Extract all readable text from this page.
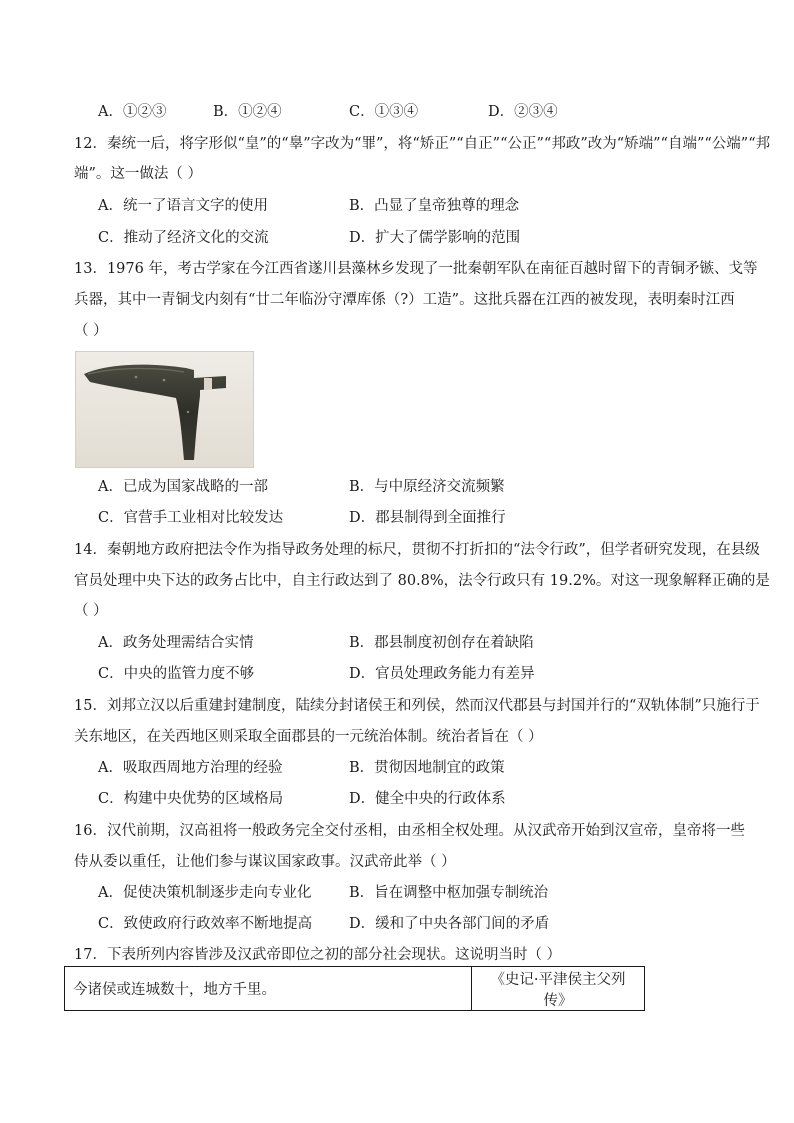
A．①②③	B．①②④	C．①③④	D．②③④
12．秦统一后，将字形似“皇”的“辠”字改为“罪”，将“矫正”“自正”“公正”“邦政”改为“矫端”“自端”“公端”“邦
端”。这一做法（ ）
A．统一了语言文字的使用	B．凸显了皇帝独尊的理念
C．推动了经济文化的交流	D．扩大了儒学影响的范围
13．1976 年，考古学家在今江西省遂川县藻林乡发现了一批秦朝军队在南征百越时留下的青铜矛镞、戈等
兵器，其中一青铜戈内刻有“廿二年临汾守潭库係（?）工造”。这批兵器在江西的被发现，表明秦时江西
（ ）
A．已成为国家战略的一部	B．与中原经济交流频繁
C．官营手工业相对比较发达	D．郡县制得到全面推行
14．秦朝地方政府把法令作为指导政务处理的标尺，贯彻不打折扣的“法令行政”，但学者研究发现，在县级
官员处理中央下达的政务占比中，自主行政达到了 80.8%，法令行政只有 19.2%。对这一现象解释正确的是
（ ）
A．政务处理需结合实情	B．郡县制度初创存在着缺陷
C．中央的监管力度不够	D．官员处理政务能力有差异
15．刘邦立汉以后重建封建制度，陆续分封诸侯王和列侯，然而汉代郡县与封国并行的“双轨体制”只施行于
关东地区，在关西地区则采取全面郡县的一元统治体制。统治者旨在（ ）
A．吸取西周地方治理的经验	B．贯彻因地制宜的政策
C．构建中央优势的区域格局	D．健全中央的行政体系
16．汉代前期，汉高祖将一般政务完全交付丞相，由丞相全权处理。从汉武帝开始到汉宣帝，皇帝将一些
侍从委以重任，让他们参与谋议国家政事。汉武帝此举（ ）
A．促使决策机制逐步走向专业化	B．旨在调整中枢加强专制统治
C．致使政府行政效率不断地提高	D．缓和了中央各部门间的矛盾
17．下表所列内容皆涉及汉武帝即位之初的部分社会现状。这说明当时（ ）
今诸侯或连城数十，地方千里。	《史记·平津侯主父列传》
